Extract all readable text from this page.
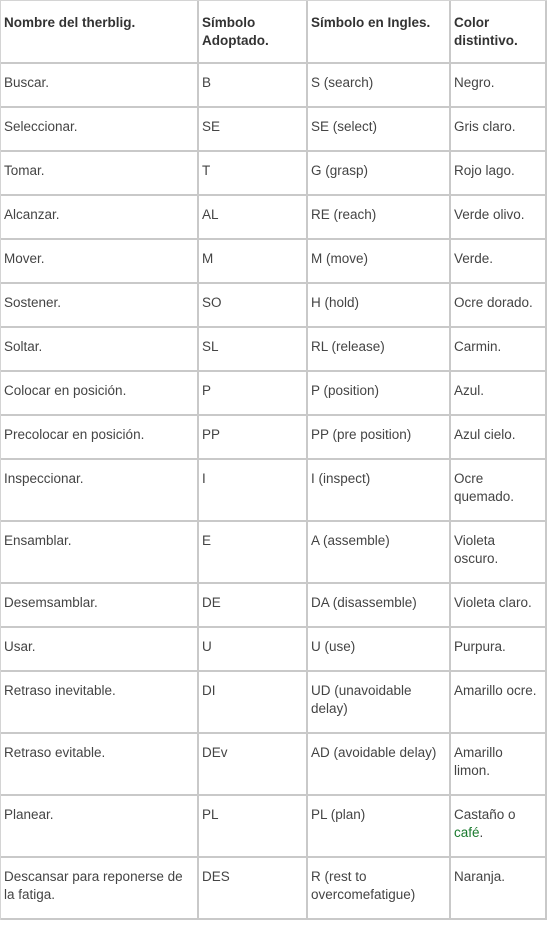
Nombre del therblig.	Símbolo Adoptado.	Símbolo en Ingles.	Color distintivo.
Buscar.	B	S (search)	Negro.
Seleccionar.	SE	SE (select)	Gris claro.
Tomar.	T	G (grasp)	Rojo lago.
Alcanzar.	AL	RE (reach)	Verde olivo.
Mover.	M	M (move)	Verde.
Sostener.	SO	H (hold)	Ocre dorado.
Soltar.	SL	RL (release)	Carmin.
Colocar en posición.	P	P (position)	Azul.
Precolocar en posición.	PP	PP (pre position)	Azul cielo.
Inspeccionar.	I	I (inspect)	Ocre quemado.
Ensamblar.	E	A (assemble)	Violeta oscuro.
Desemsamblar.	DE	DA (disassemble)	Violeta claro.
Usar.	U	U (use)	Purpura.
Retraso inevitable.	DI	UD (unavoidable delay)	Amarillo ocre.
Retraso evitable.	DEv	AD (avoidable delay)	Amarillo limon.
Planear.	PL	PL (plan)	Castaño o café.
Descansar para reponerse de la fatiga.	DES	R (rest to overcomefatigue)	Naranja.
